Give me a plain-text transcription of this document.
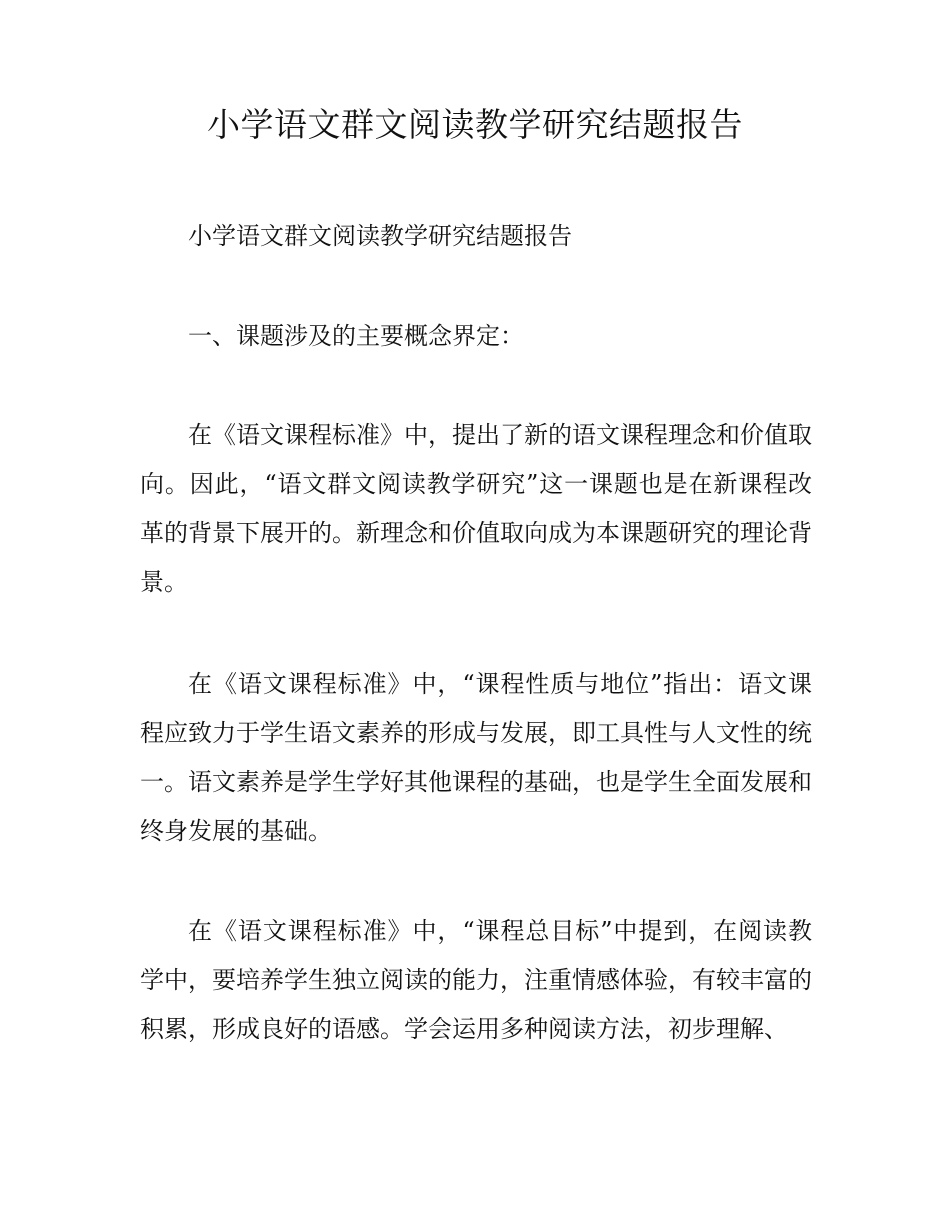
小学语文群文阅读教学研究结题报告

小学语文群文阅读教学研究结题报告

一、课题涉及的主要概念界定：

在《语文课程标准》中，提出了新的语文课程理念和价值取向。因此，“语文群文阅读教学研究”这一课题也是在新课程改革的背景下展开的。新理念和价值取向成为本课题研究的理论背景。

在《语文课程标准》中，“课程性质与地位”指出：语文课程应致力于学生语文素养的形成与发展，即工具性与人文性的统一。语文素养是学生学好其他课程的基础，也是学生全面发展和终身发展的基础。

在《语文课程标准》中，“课程总目标”中提到，在阅读教学中，要培养学生独立阅读的能力，注重情感体验，有较丰富的积累，形成良好的语感。学会运用多种阅读方法，初步理解、
